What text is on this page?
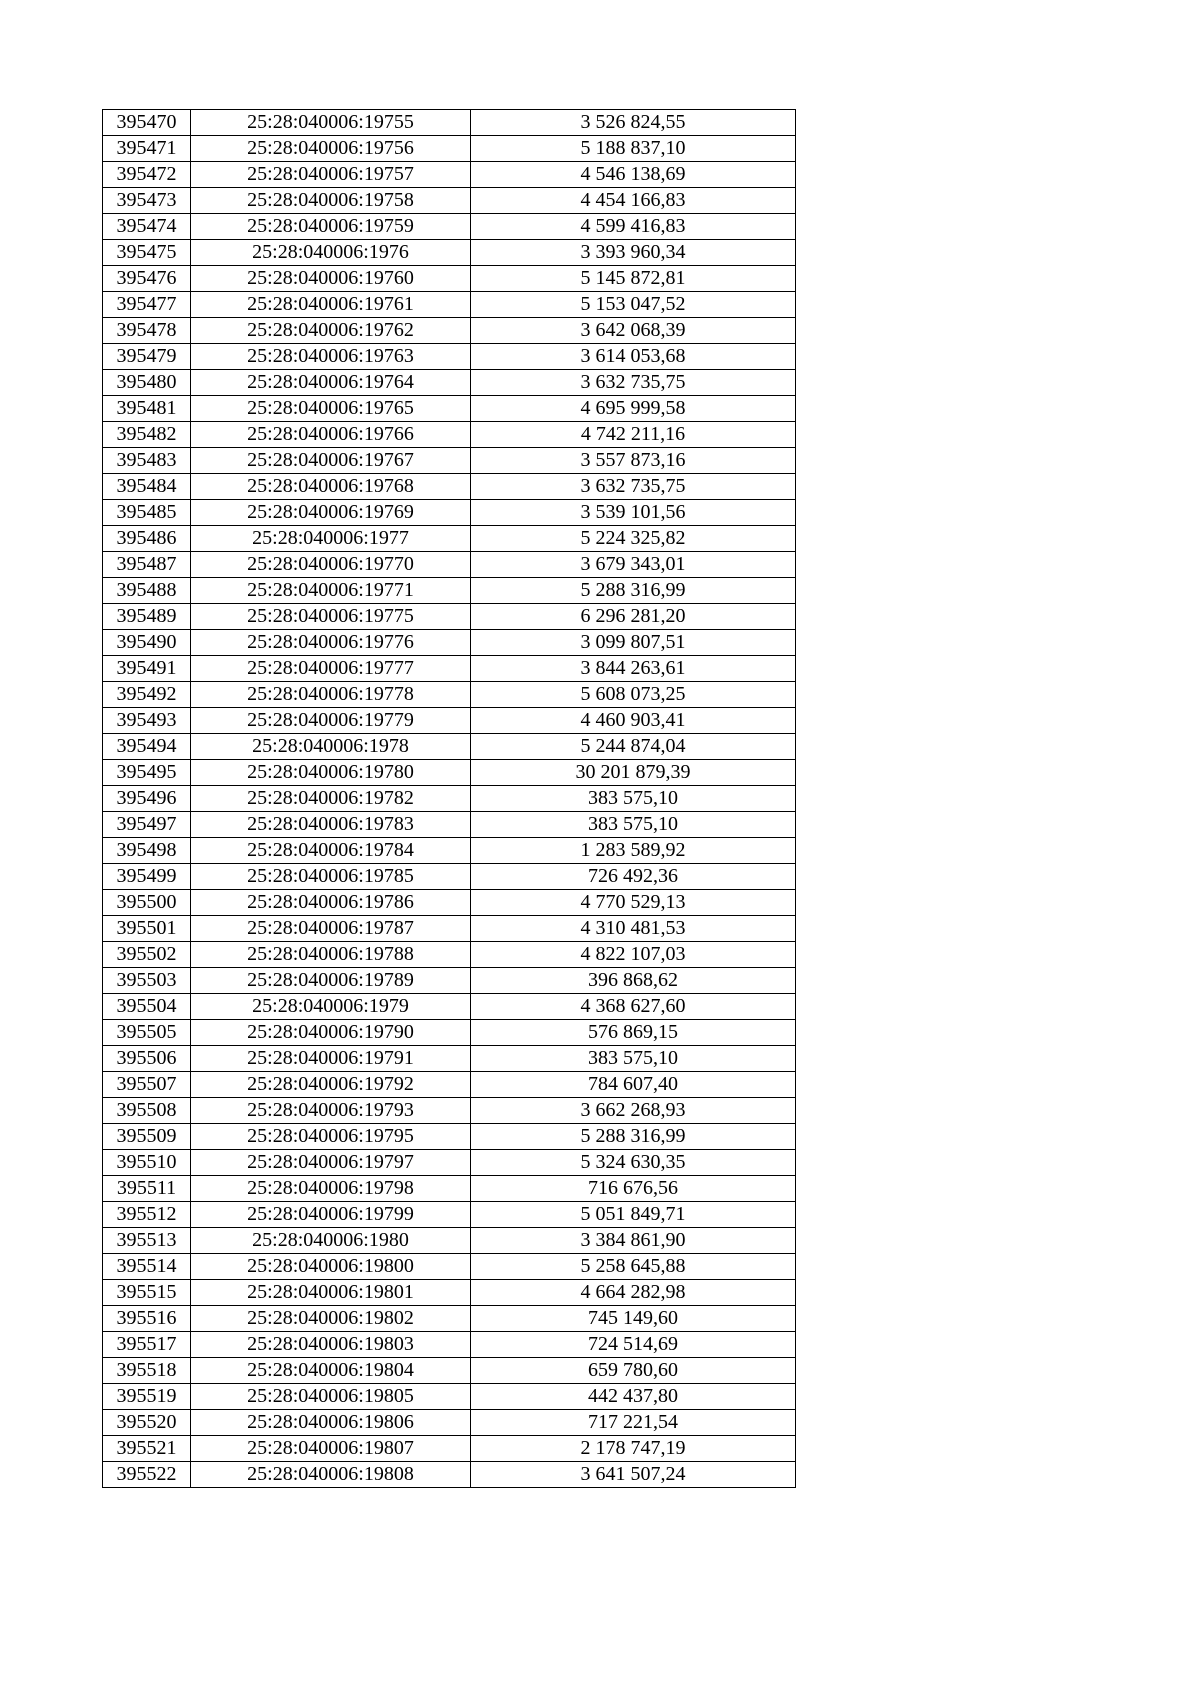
395470	25:28:040006:19755	3 526 824,55
395471	25:28:040006:19756	5 188 837,10
395472	25:28:040006:19757	4 546 138,69
395473	25:28:040006:19758	4 454 166,83
395474	25:28:040006:19759	4 599 416,83
395475	25:28:040006:1976	3 393 960,34
395476	25:28:040006:19760	5 145 872,81
395477	25:28:040006:19761	5 153 047,52
395478	25:28:040006:19762	3 642 068,39
395479	25:28:040006:19763	3 614 053,68
395480	25:28:040006:19764	3 632 735,75
395481	25:28:040006:19765	4 695 999,58
395482	25:28:040006:19766	4 742 211,16
395483	25:28:040006:19767	3 557 873,16
395484	25:28:040006:19768	3 632 735,75
395485	25:28:040006:19769	3 539 101,56
395486	25:28:040006:1977	5 224 325,82
395487	25:28:040006:19770	3 679 343,01
395488	25:28:040006:19771	5 288 316,99
395489	25:28:040006:19775	6 296 281,20
395490	25:28:040006:19776	3 099 807,51
395491	25:28:040006:19777	3 844 263,61
395492	25:28:040006:19778	5 608 073,25
395493	25:28:040006:19779	4 460 903,41
395494	25:28:040006:1978	5 244 874,04
395495	25:28:040006:19780	30 201 879,39
395496	25:28:040006:19782	383 575,10
395497	25:28:040006:19783	383 575,10
395498	25:28:040006:19784	1 283 589,92
395499	25:28:040006:19785	726 492,36
395500	25:28:040006:19786	4 770 529,13
395501	25:28:040006:19787	4 310 481,53
395502	25:28:040006:19788	4 822 107,03
395503	25:28:040006:19789	396 868,62
395504	25:28:040006:1979	4 368 627,60
395505	25:28:040006:19790	576 869,15
395506	25:28:040006:19791	383 575,10
395507	25:28:040006:19792	784 607,40
395508	25:28:040006:19793	3 662 268,93
395509	25:28:040006:19795	5 288 316,99
395510	25:28:040006:19797	5 324 630,35
395511	25:28:040006:19798	716 676,56
395512	25:28:040006:19799	5 051 849,71
395513	25:28:040006:1980	3 384 861,90
395514	25:28:040006:19800	5 258 645,88
395515	25:28:040006:19801	4 664 282,98
395516	25:28:040006:19802	745 149,60
395517	25:28:040006:19803	724 514,69
395518	25:28:040006:19804	659 780,60
395519	25:28:040006:19805	442 437,80
395520	25:28:040006:19806	717 221,54
395521	25:28:040006:19807	2 178 747,19
395522	25:28:040006:19808	3 641 507,24
